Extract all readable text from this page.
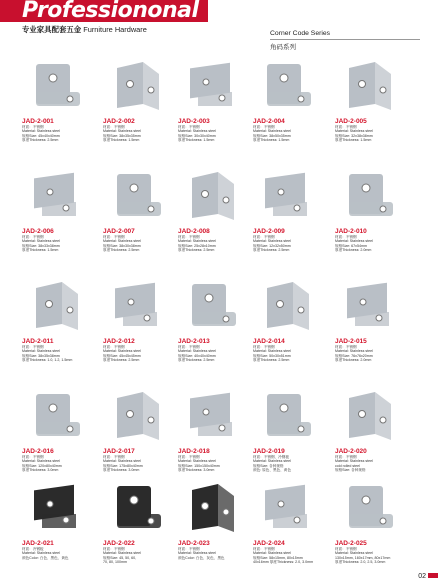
Professiononal
专业家具配套五金 Furniture Hardware	Corner Code Series
角码系列
JAD-2-001
材质：不锈钢
Material: Stainless steel
规格Size: 45x40x40mm
厚度Thickness: 2.5mm
JAD-2-002
材质：不锈钢
Material: Stainless steel
规格Size: 38x35x35mm
厚度Thickness: 1.5mm
JAD-2-003
材质：不锈钢
Material: Stainless steel
规格Size: 30x30x40mm
厚度Thickness: 1.5mm
JAD-2-004
材质：不锈钢
Material: Stainless steel
规格Size: 38x50x35mm
厚度Thickness: 1.5mm
JAD-2-005
材质：不锈钢
Material: Stainless steel
规格Size: 32x38x38mm
厚度Thickness: 1.5mm
JAD-2-006
材质：不锈钢
Material: Stainless steel
规格Size: 38x33x38mm
厚度Thickness: 1.5mm
JAD-2-007
材质：不锈钢
Material: Stainless steel
规格Size: 38x30x38mm
厚度Thickness: 2.5mm
JAD-2-008
材质：不锈钢
Material: Stainless steel
规格Size: 25x28x10mm
厚度Thickness: 2.5mm
JAD-2-009
材质：不锈钢
Material: Stainless steel
规格Size: 12x32x50mm
厚度Thickness: 2.5mm
JAD-2-010
材质：不锈钢
Material: Stainless steel
规格Size: 67x54mm
厚度Thickness: 2.0mm
JAD-2-011
材质：不锈钢
Material: Stainless steel
规格Size: 38x35x38mm
厚度Thickness: 1.0, 1.2, 1.5mm
JAD-2-012
材质：不锈钢
Material: Stainless steel
规格Size: 45x45x45mm
厚度Thickness: 2.5mm
JAD-2-013
材质：不锈钢
Material: Stainless steel
规格Size: 40x40x40mm
厚度Thickness: 2.5mm
JAD-2-014
材质：不锈钢
Material: Stainless steel
规格Size: 50x30x51mm
厚度Thickness: 2.5mm
JAD-2-015
材质：不锈钢
Material: Stainless steel
规格Size: 76x76x20mm
厚度Thickness: 2.0mm
JAD-2-016
材质：不锈钢
Material: Stainless steel
规格Size: 120x80x40mm
厚度Thickness: 3.0mm
JAD-2-017
材质：不锈钢
Material: Stainless steel
规格Size: 175x80x40mm
厚度Thickness: 3.0mm
JAD-2-018
材质：不锈钢
Material: Stainless steel
规格Size: 150x150x40mm
厚度Thickness: 3.0mm
JAD-2-019
材质：不锈钢、冷钢板
Material: Stainless steel
规格Size: 各种规格
颜色: 原色、黑色、黄色
JAD-2-020
材质：不锈钢
Material: Stainless steel
cold rolled steel
规格Size: 各种规格
JAD-2-021
材质：冷钢板
Material: Stainless steel
颜色Color: 白色、黑色、黄色
JAD-2-022
材质：不锈钢
Material: Stainless steel
规格Size: 45, 50, 60,
70, 80, 100mm
JAD-2-023
材质：不锈钢
Material: Stainless steel
颜色Color: 白色、灰色、黑色
JAD-2-024
材质：不锈钢
Material: Stainless steel
规格Size: 58x15mm, 80x15mm
40x16mm 厚度Thickness: 2.0, 3.0mm
JAD-2-025
材质：不锈钢
Material: Stainless steel
130x15mm, 160x17mm, 80x17mm
厚度Thickness: 2.0, 2.5, 3.0mm
02
